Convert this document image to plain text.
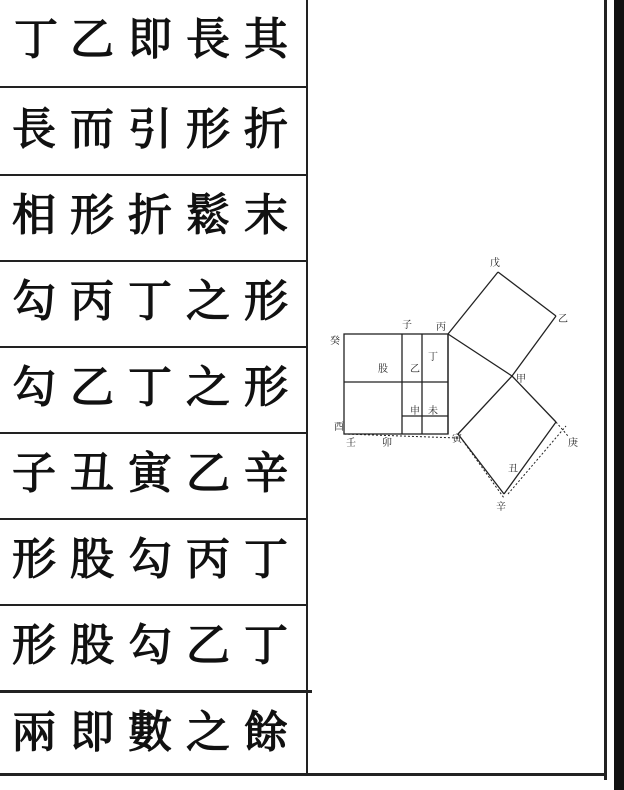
其
長
即
乙
丁
折
形
引
而
長
末
鬆
折
形
相
形
之
丁
丙
勾
形
之
丁
乙
勾
辛
乙
寅
丑
子
丁
丙
勾
股
形
丁
乙
勾
股
形
餘
之
數
即
兩
戊
乙
甲
庚
丑
辛
癸
子
丁
乙
股
未
申
丙
寅
酉
卯
壬
